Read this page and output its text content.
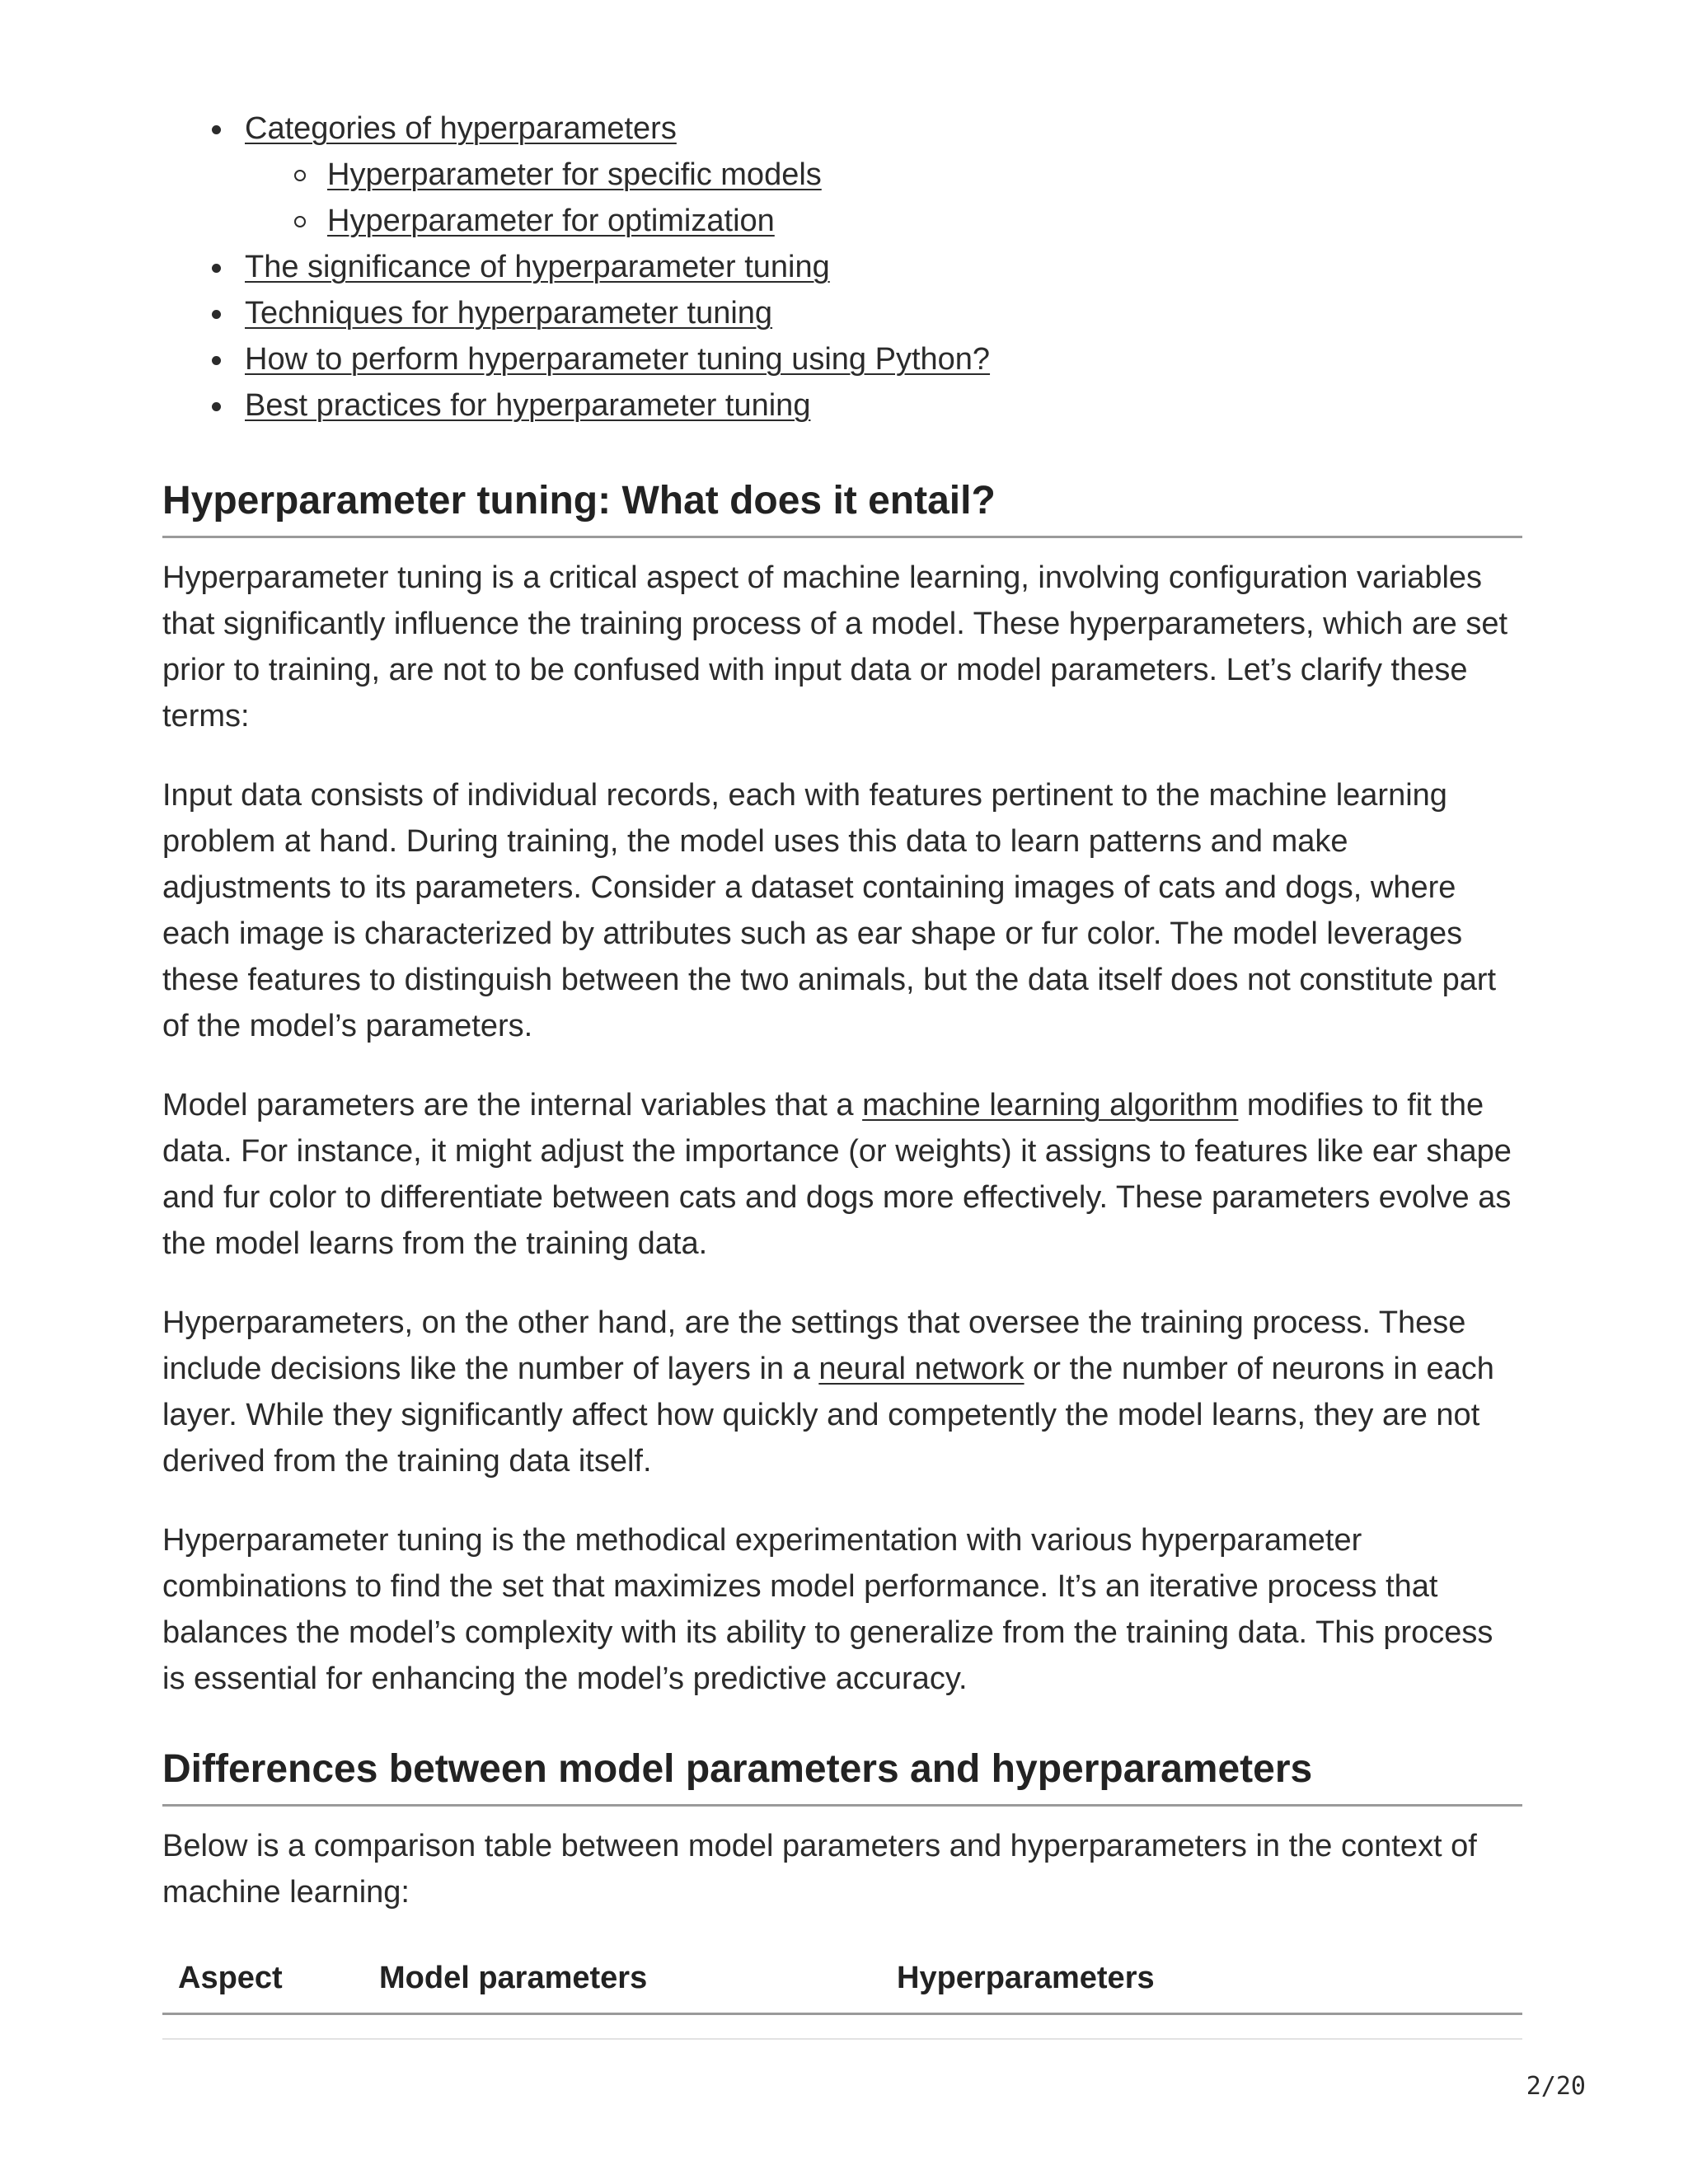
Categories of hyperparameters
Hyperparameter for specific models
Hyperparameter for optimization
The significance of hyperparameter tuning
Techniques for hyperparameter tuning
How to perform hyperparameter tuning using Python?
Best practices for hyperparameter tuning
Hyperparameter tuning: What does it entail?

Hyperparameter tuning is a critical aspect of machine learning, involving configuration variables that significantly influence the training process of a model. These hyperparameters, which are set prior to training, are not to be confused with input data or model parameters. Let’s clarify these terms:

Input data consists of individual records, each with features pertinent to the machine learning problem at hand. During training, the model uses this data to learn patterns and make adjustments to its parameters. Consider a dataset containing images of cats and dogs, where each image is characterized by attributes such as ear shape or fur color. The model leverages these features to distinguish between the two animals, but the data itself does not constitute part of the model’s parameters.

Model parameters are the internal variables that a machine learning algorithm modifies to fit the data. For instance, it might adjust the importance (or weights) it assigns to features like ear shape and fur color to differentiate between cats and dogs more effectively. These parameters evolve as the model learns from the training data.

Hyperparameters, on the other hand, are the settings that oversee the training process. These include decisions like the number of layers in a neural network or the number of neurons in each layer. While they significantly affect how quickly and competently the model learns, they are not derived from the training data itself.

Hyperparameter tuning is the methodical experimentation with various hyperparameter combinations to find the set that maximizes model performance. It’s an iterative process that balances the model’s complexity with its ability to generalize from the training data. This process is essential for enhancing the model’s predictive accuracy.

Differences between model parameters and hyperparameters

Below is a comparison table between model parameters and hyperparameters in the context of machine learning:

Aspect	Model parameters	Hyperparameters
2/20
